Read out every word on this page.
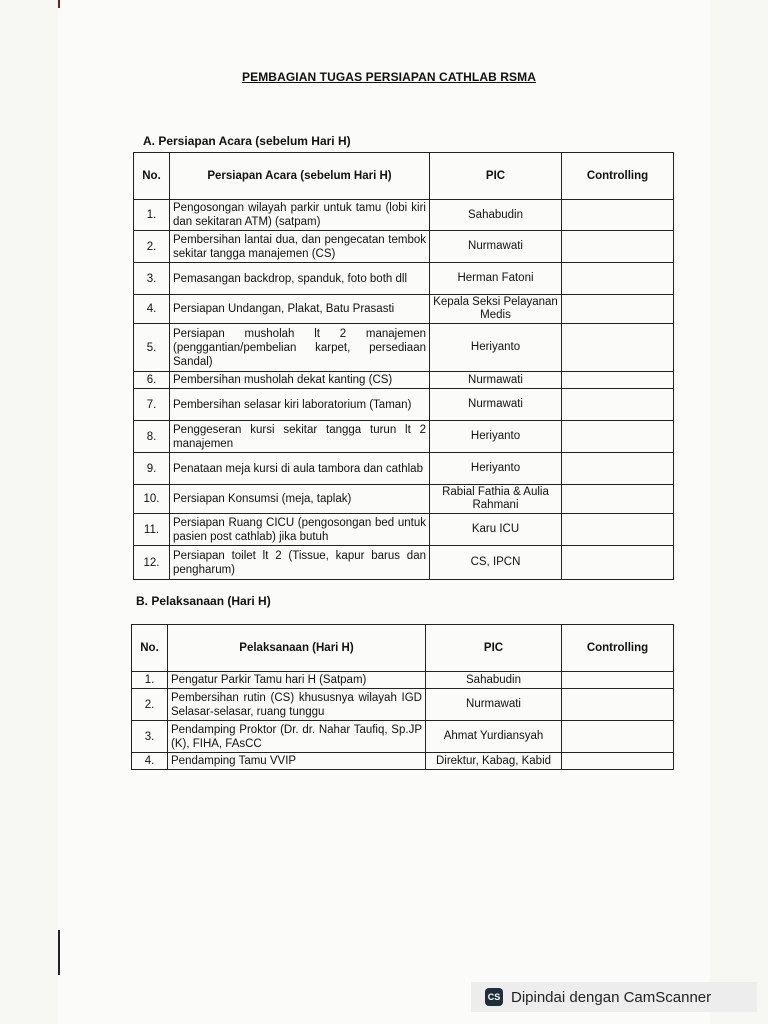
PEMBAGIAN TUGAS PERSIAPAN CATHLAB RSMA
A. Persiapan Acara (sebelum Hari H)
No.	Persiapan Acara (sebelum Hari H)	PIC	Controlling
1.	Pengosongan wilayah parkir untuk tamu (lobi kiri dan sekitaran ATM) (satpam)	Sahabudin	
2.	Pembersihan lantai dua, dan pengecatan tembok sekitar tangga manajemen (CS)	Nurmawati	
3.	Pemasangan backdrop, spanduk, foto both dll	Herman Fatoni	
4.	Persiapan Undangan, Plakat, Batu Prasasti	Kepala Seksi Pelayanan Medis	
5.	Persiapan musholah lt 2 manajemen (penggantian/pembelian karpet, persediaan Sandal)	Heriyanto	
6.	Pembersihan musholah dekat kanting (CS)	Nurmawati	
7.	Pembersihan selasar kiri laboratorium (Taman)	Nurmawati	
8.	Penggeseran kursi sekitar tangga turun lt 2 manajemen	Heriyanto	
9.	Penataan meja kursi di aula tambora dan cathlab	Heriyanto	
10.	Persiapan Konsumsi (meja, taplak)	Rabial Fathia & Aulia Rahmani	
11.	Persiapan Ruang CICU (pengosongan bed untuk pasien post cathlab) jika butuh	Karu ICU	
12.	Persiapan toilet lt 2 (Tissue, kapur barus dan pengharum)	CS, IPCN	
B. Pelaksanaan (Hari H)
No.	Pelaksanaan (Hari H)	PIC	Controlling
1.	Pengatur Parkir Tamu hari H (Satpam)	Sahabudin	
2.	Pembersihan rutin (CS) khususnya wilayah IGD Selasar-selasar, ruang tunggu	Nurmawati	
3.	Pendamping Proktor (Dr. dr. Nahar Taufiq, Sp.JP (K), FIHA, FAsCC	Ahmat Yurdiansyah	
4.	Pendamping Tamu VVIP	Direktur, Kabag, Kabid	
CS Dipindai dengan CamScanner
